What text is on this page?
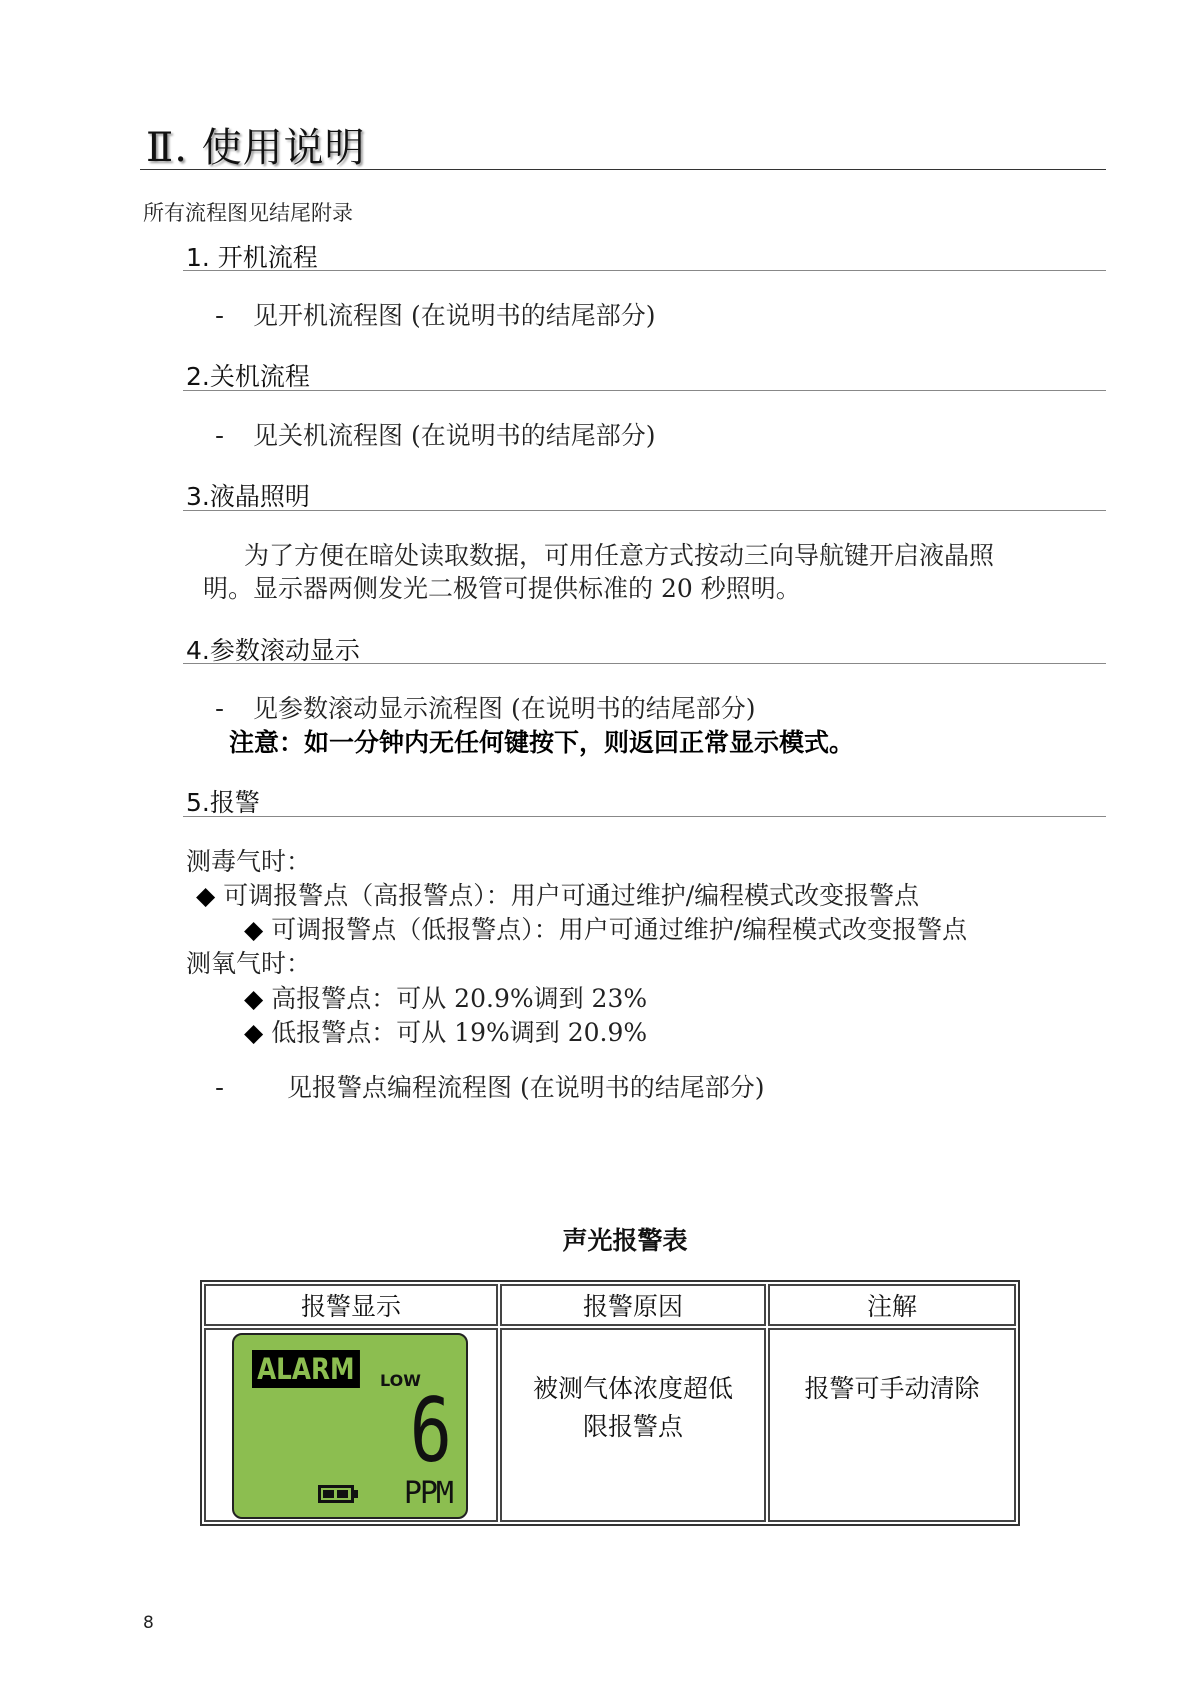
Ⅱ. 使用说明
所有流程图见结尾附录
1. 开机流程
- 见开机流程图 (在说明书的结尾部分)
2.关机流程
- 见关机流程图 (在说明书的结尾部分)
3.液晶照明
为了方便在暗处读取数据，可用任意方式按动三向导航键开启液晶照
明。显示器两侧发光二极管可提供标准的 20 秒照明。
4.参数滚动显示
- 见参数滚动显示流程图 (在说明书的结尾部分)
注意：如一分钟内无任何键按下，则返回正常显示模式。
5.报警
测毒气时：
◆ 可调报警点（高报警点）：用户可通过维护/编程模式改变报警点
◆ 可调报警点（低报警点）：用户可通过维护/编程模式改变报警点
测氧气时：
◆ 高报警点：可从 20.9%调到 23%
◆ 低报警点：可从 19%调到 20.9%
-	见报警点编程流程图 (在说明书的结尾部分)
声光报警表
报警显示	报警原因	注解

ALARM	LOW
6
PPM

被测气体浓度超低
限报警点

报警可手动清除
8
